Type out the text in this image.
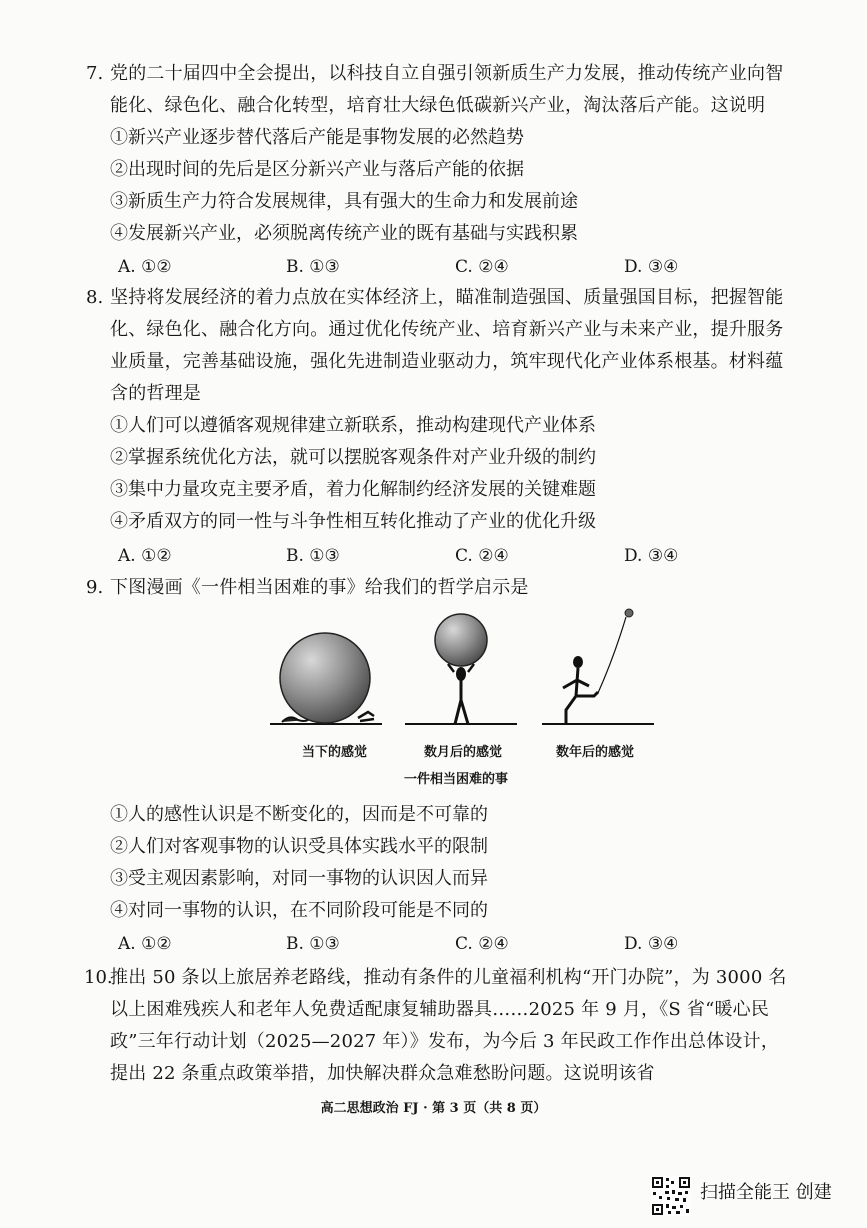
7. 党的二十届四中全会提出，以科技自立自强引领新质生产力发展，推动传统产业向智
能化、绿色化、融合化转型，培育壮大绿色低碳新兴产业，淘汰落后产能。这说明
①新兴产业逐步替代落后产能是事物发展的必然趋势
②出现时间的先后是区分新兴产业与落后产能的依据
③新质生产力符合发展规律，具有强大的生命力和发展前途
④发展新兴产业，必须脱离传统产业的既有基础与实践积累
A. ①②	B. ①③	C. ②④	D. ③④
8. 坚持将发展经济的着力点放在实体经济上，瞄准制造强国、质量强国目标，把握智能
化、绿色化、融合化方向。通过优化传统产业、培育新兴产业与未来产业，提升服务
业质量，完善基础设施，强化先进制造业驱动力，筑牢现代化产业体系根基。材料蕴
含的哲理是
①人们可以遵循客观规律建立新联系，推动构建现代产业体系
②掌握系统优化方法，就可以摆脱客观条件对产业升级的制约
③集中力量攻克主要矛盾，着力化解制约经济发展的关键难题
④矛盾双方的同一性与斗争性相互转化推动了产业的优化升级
A. ①②	B. ①③	C. ②④	D. ③④
9. 下图漫画《一件相当困难的事》给我们的哲学启示是
当下的感觉	数月后的感觉	数年后的感觉
一件相当困难的事
①人的感性认识是不断变化的，因而是不可靠的
②人们对客观事物的认识受具体实践水平的限制
③受主观因素影响，对同一事物的认识因人而异
④对同一事物的认识，在不同阶段可能是不同的
A. ①②	B. ①③	C. ②④	D. ③④
10.
推出 50 条以上旅居养老路线，推动有条件的儿童福利机构“开门办院”，为 3000 名
以上困难残疾人和老年人免费适配康复辅助器具……2025 年 9 月，《S 省“暖心民
政”三年行动计划（2025—2027 年）》发布，为今后 3 年民政工作作出总体设计，
提出 22 条重点政策举措，加快解决群众急难愁盼问题。这说明该省
高二思想政治 FJ · 第 3 页（共 8 页）
扫描全能王 创建
